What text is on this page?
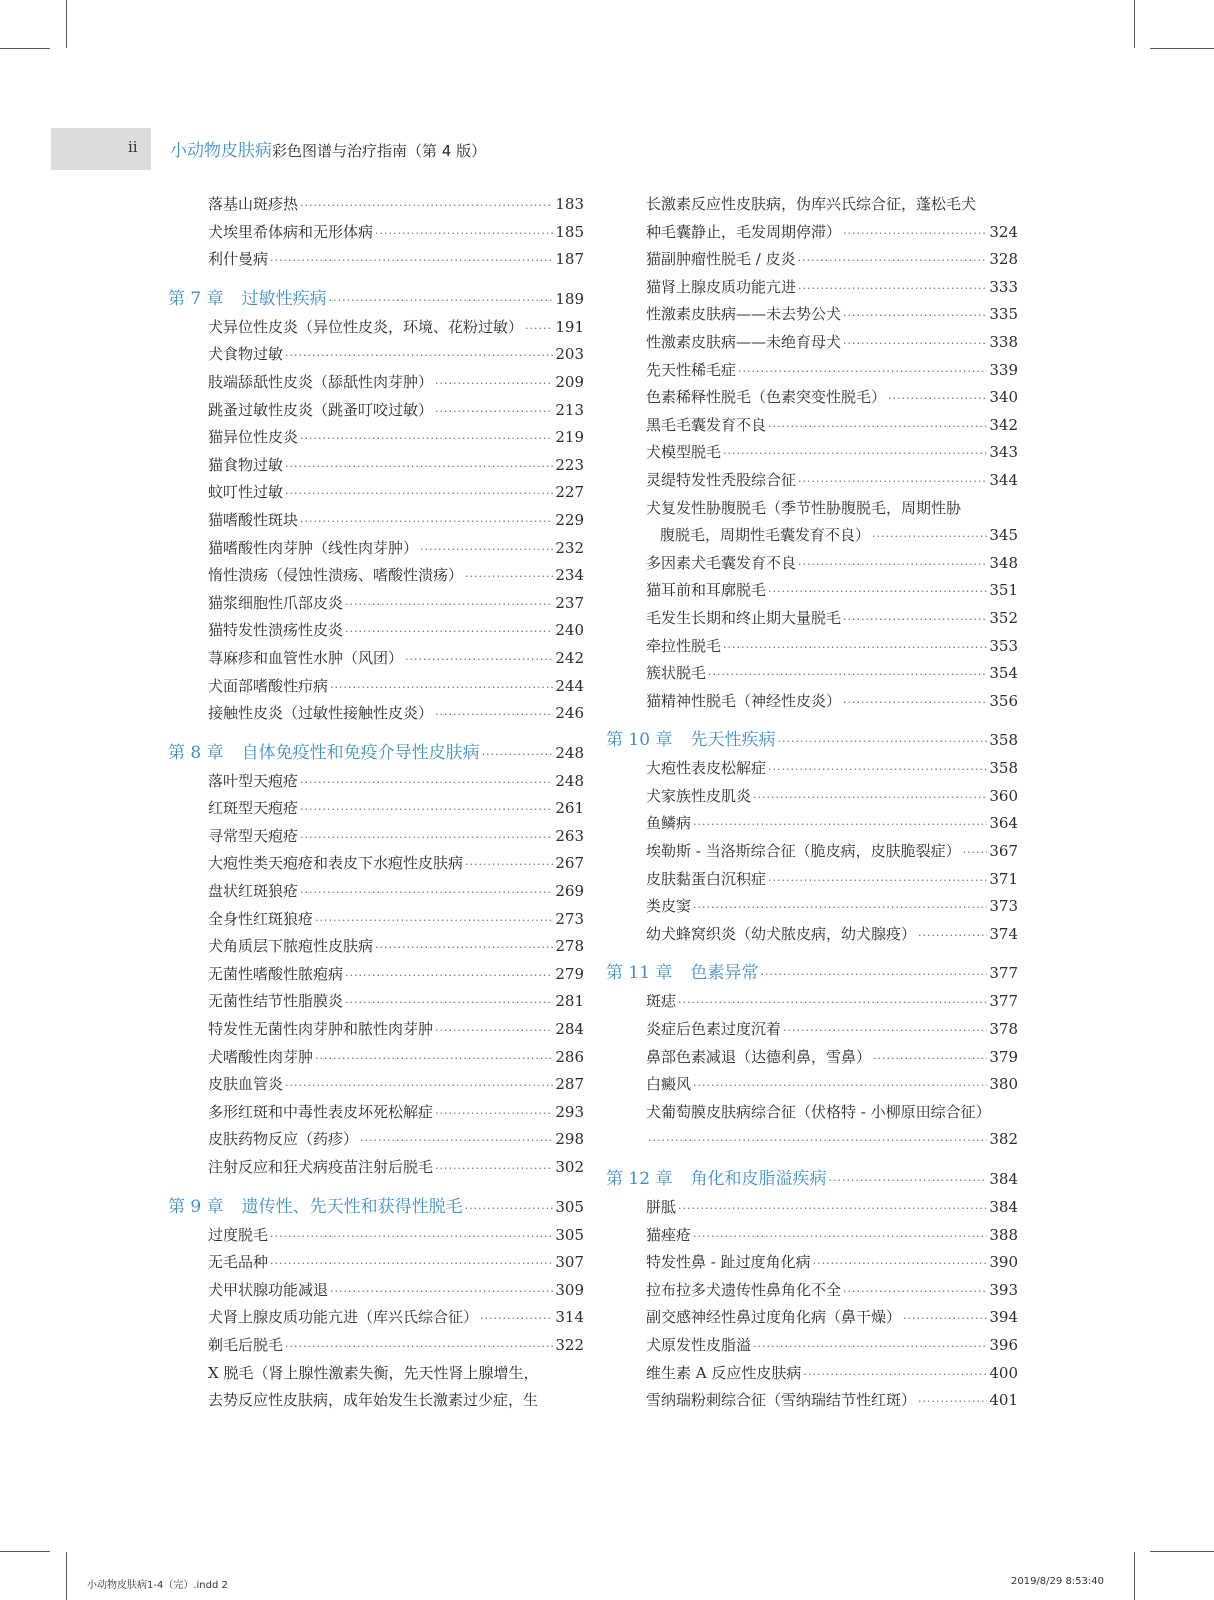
ii 小动物皮肤病彩色图谱与治疗指南（第 4 版）
落基山斑疹热 ·····	183
犬埃里希体病和无形体病 ·····	185
利什曼病 ·····	187
第 7 章 过敏性疾病 ·····	189
犬异位性皮炎（异位性皮炎，环境、花粉过敏） ····· 191
犬食物过敏 ·····	203
肢端舔舐性皮炎（舔舐性肉芽肿） ·····	209
跳蚤过敏性皮炎（跳蚤叮咬过敏） ·····	213
猫异位性皮炎 ·····	219
猫食物过敏 ·····	223
蚊叮性过敏 ·····	227
猫嗜酸性斑块 ·····	229
猫嗜酸性肉芽肿（线性肉芽肿） ·····	232
惰性溃疡（侵蚀性溃疡、嗜酸性溃疡） ·····	234
猫浆细胞性爪部皮炎 ·····	237
猫特发性溃疡性皮炎 ·····	240
荨麻疹和血管性水肿（风团） ·····	242
犬面部嗜酸性疖病 ·····	244
接触性皮炎（过敏性接触性皮炎） ·····	246
第 8 章 自体免疫性和免疫介导性皮肤病 ·····	248
落叶型天疱疮 ·····	248
红斑型天疱疮 ·····	261
寻常型天疱疮 ·····	263
大疱性类天疱疮和表皮下水疱性皮肤病 ·····	267
盘状红斑狼疮 ·····	269
全身性红斑狼疮 ·····	273
犬角质层下脓疱性皮肤病 ·····	278
无菌性嗜酸性脓疱病 ·····	279
无菌性结节性脂膜炎 ·····	281
特发性无菌性肉芽肿和脓性肉芽肿 ·····	284
犬嗜酸性肉芽肿 ·····	286
皮肤血管炎 ·····	287
多形红斑和中毒性表皮坏死松解症 ·····	293
皮肤药物反应（药疹） ·····	298
注射反应和狂犬病疫苗注射后脱毛 ·····	302
第 9 章 遗传性、先天性和获得性脱毛 ·····	305
过度脱毛 ·····	305
无毛品种 ·····	307
犬甲状腺功能减退 ·····	309
犬肾上腺皮质功能亢进（库兴氏综合征） ·····	314
剃毛后脱毛 ·····	322
X 脱毛（肾上腺性激素失衡，先天性肾上腺增生，
去势反应性皮肤病，成年始发生长激素过少症，生
长激素反应性皮肤病，伪库兴氏综合征，蓬松毛犬
种毛囊静止，毛发周期停滞） ·····	324
猫副肿瘤性脱毛 / 皮炎 ·····	328
猫肾上腺皮质功能亢进 ·····	333
性激素皮肤病——未去势公犬 ·····	335
性激素皮肤病——未绝育母犬 ·····	338
先天性稀毛症 ·····	339
色素稀释性脱毛（色素突变性脱毛） ·····	340
黑毛毛囊发育不良 ·····	342
犬模型脱毛 ·····	343
灵缇特发性秃股综合征 ·····	344
犬复发性胁腹脱毛（季节性胁腹脱毛，周期性胁
腹脱毛，周期性毛囊发育不良） ·····	345
多因素犬毛囊发育不良 ·····	348
猫耳前和耳廓脱毛 ·····	351
毛发生长期和终止期大量脱毛 ·····	352
牵拉性脱毛 ·····	353
簇状脱毛 ·····	354
猫精神性脱毛（神经性皮炎） ·····	356
第 10 章 先天性疾病 ·····	358
大疱性表皮松解症 ·····	358
犬家族性皮肌炎 ·····	360
鱼鳞病 ·····	364
埃勒斯 - 当洛斯综合征（脆皮病，皮肤脆裂症） ····· 367
皮肤黏蛋白沉积症 ·····	371
类皮窦 ·····	373
幼犬蜂窝织炎（幼犬脓皮病，幼犬腺疫） ·····	374
第 11 章 色素异常 ·····	377
斑痣 ·····	377
炎症后色素过度沉着 ·····	378
鼻部色素减退（达德利鼻，雪鼻） ·····	379
白癜风 ·····	380
犬葡萄膜皮肤病综合征（伏格特 - 小柳原田综合征）
·····
382
第 12 章 角化和皮脂溢疾病 ·····	384
胼胝 ·····	384
猫痤疮 ·····	388
特发性鼻 - 趾过度角化病 ·····	390
拉布拉多犬遗传性鼻角化不全 ·····	393
副交感神经性鼻过度角化病（鼻干燥） ·····	394
犬原发性皮脂溢 ·····	396
维生素 A 反应性皮肤病 ·····	400
雪纳瑞粉刺综合征（雪纳瑞结节性红斑） ·····	401
小动物皮肤病1-4（完）.indd 2	2019/8/29 8:53:40
